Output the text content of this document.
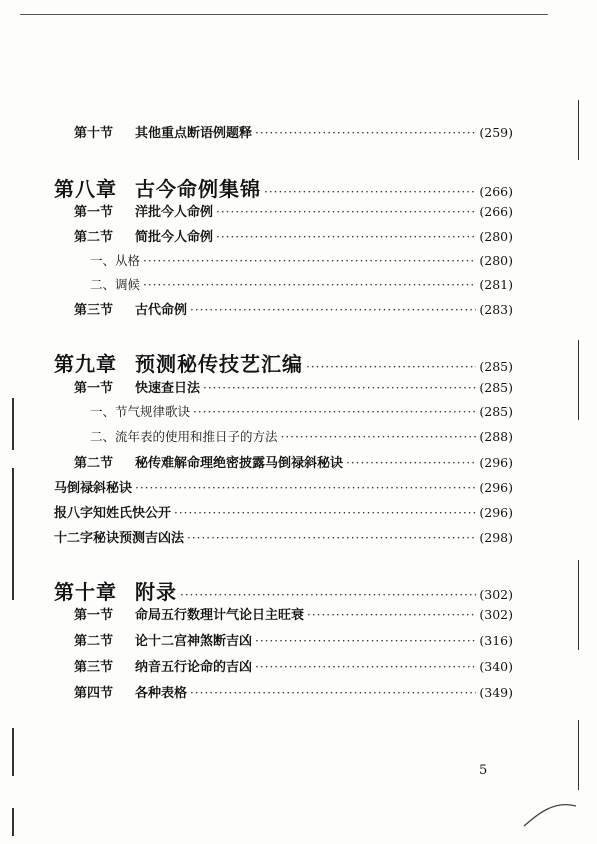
第十节 其他重点断语例题释 ·····	(259)
第八章 古今命例集锦 ·····	(266)
第一节 洋批今人命例 ·····	(266)
第二节 简批今人命例 ·····	(280)
一、从格 ·····	(280)
二、调候 ·····	(281)
第三节 古代命例 ·····	(283)
第九章 预测秘传技艺汇编 ·····	(285)
第一节 快速查日法 ·····	(285)
一、节气规律歌诀 ·····	(285)
二、流年表的使用和推日子的方法 ·····	(288)
第二节 秘传难解命理绝密披露马倒禄斜秘诀 ·····	(296)
马倒禄斜秘诀 ·····	(296)
报八字知姓氏快公开 ·····	(296)
十二字秘诀预测吉凶法 ·····	(298)
第十章 附录 ·····	(302)
第一节 命局五行数理计气论日主旺衰 ·····	(302)
第二节 论十二宫神煞断吉凶 ·····	(316)
第三节 纳音五行论命的吉凶 ·····	(340)
第四节 各种表格 ·····	(349)
5
